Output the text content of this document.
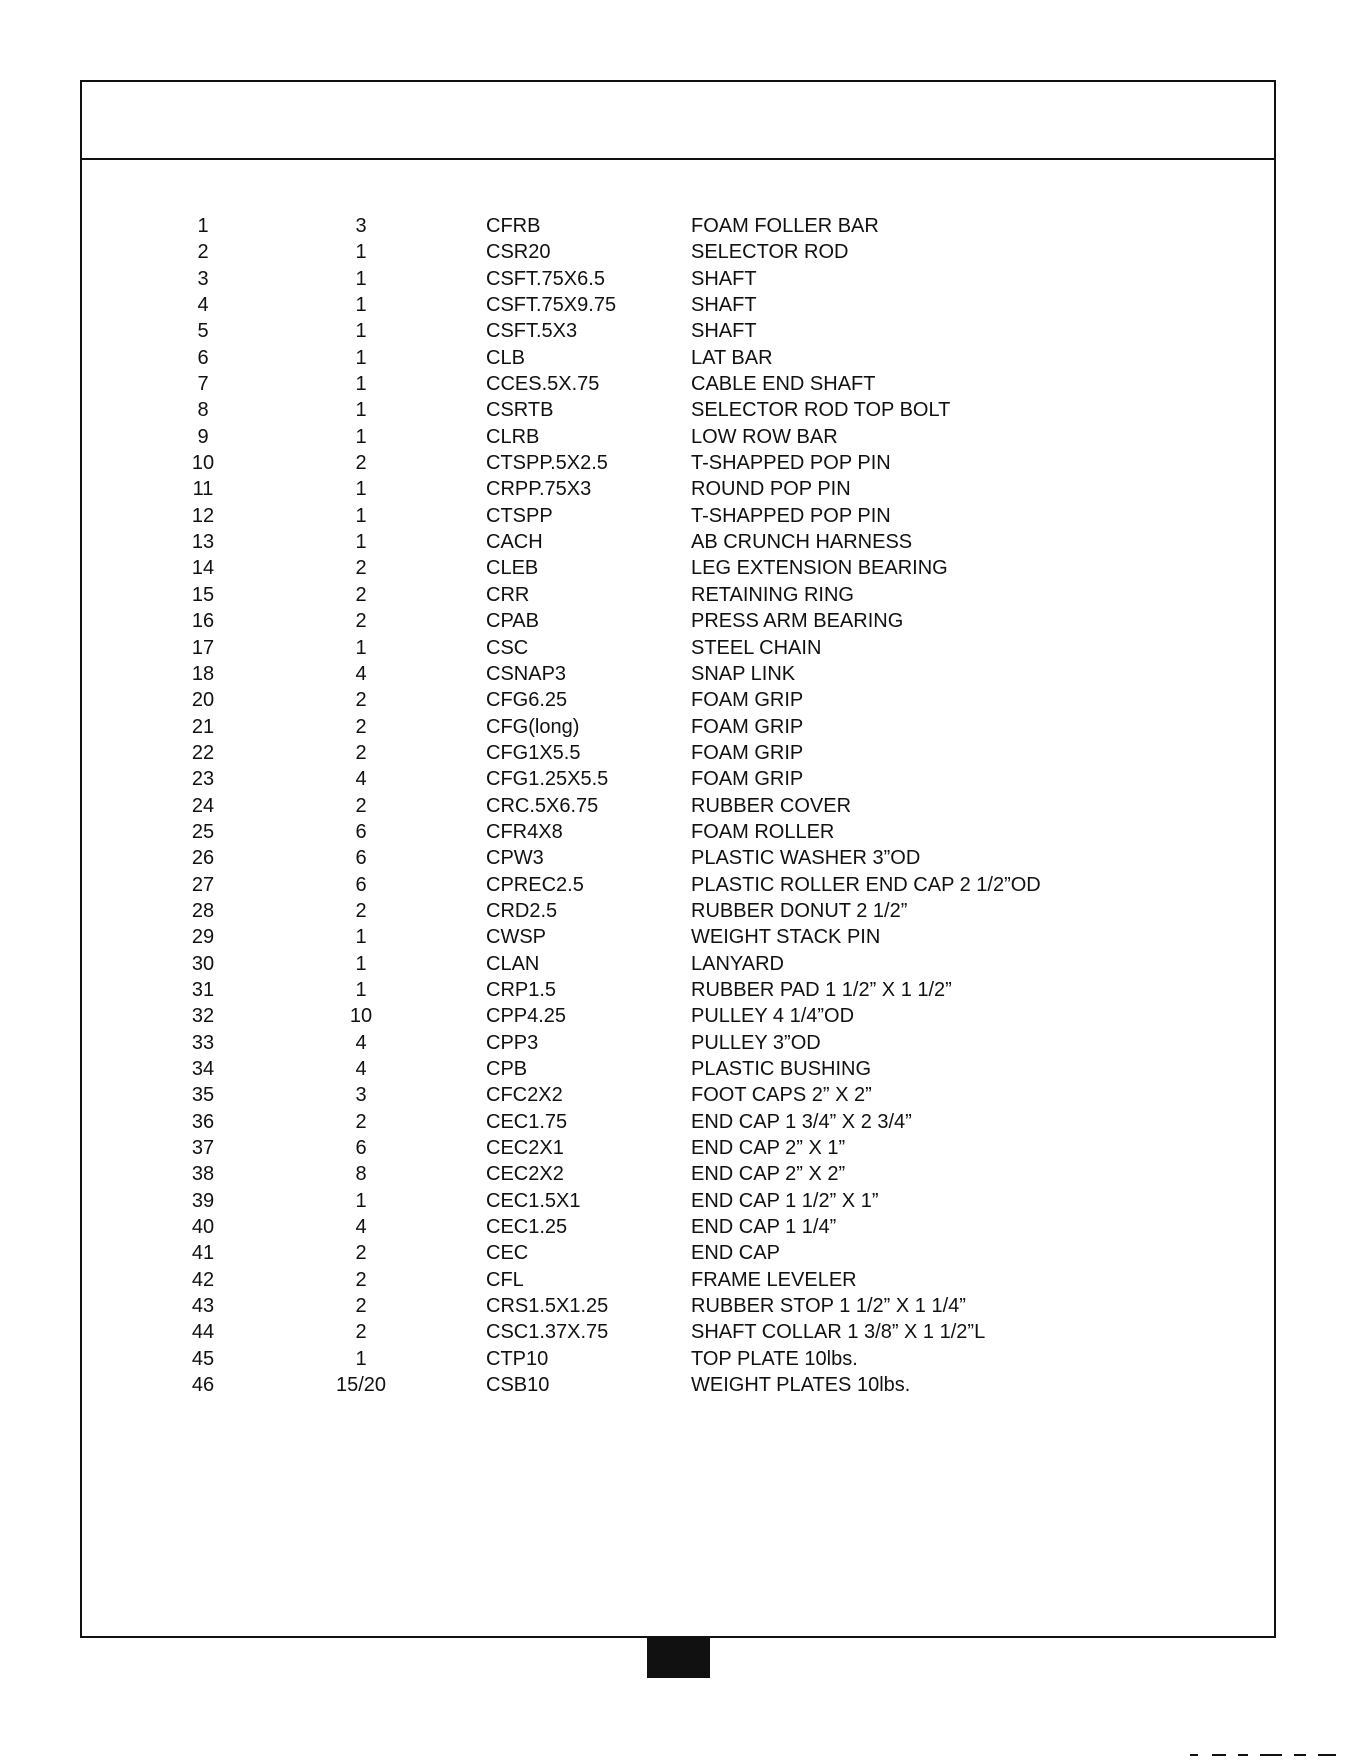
1	3	CFRB	FOAM FOLLER BAR
2	1	CSR20	SELECTOR ROD
3	1	CSFT.75X6.5	SHAFT
4	1	CSFT.75X9.75	SHAFT
5	1	CSFT.5X3	SHAFT
6	1	CLB	LAT BAR
7	1	CCES.5X.75	CABLE END SHAFT
8	1	CSRTB	SELECTOR ROD TOP BOLT
9	1	CLRB	LOW ROW BAR
10	2	CTSPP.5X2.5	T-SHAPPED POP PIN
11	1	CRPP.75X3	ROUND POP PIN
12	1	CTSPP	T-SHAPPED POP PIN
13	1	CACH	AB CRUNCH HARNESS
14	2	CLEB	LEG EXTENSION BEARING
15	2	CRR	RETAINING RING
16	2	CPAB	PRESS ARM BEARING
17	1	CSC	STEEL CHAIN
18	4	CSNAP3	SNAP LINK
20	2	CFG6.25	FOAM GRIP
21	2	CFG(long)	FOAM GRIP
22	2	CFG1X5.5	FOAM GRIP
23	4	CFG1.25X5.5	FOAM GRIP
24	2	CRC.5X6.75	RUBBER COVER
25	6	CFR4X8	FOAM ROLLER
26	6	CPW3	PLASTIC WASHER 3”OD
27	6	CPREC2.5	PLASTIC ROLLER END CAP 2 1/2”OD
28	2	CRD2.5	RUBBER DONUT 2 1/2”
29	1	CWSP	WEIGHT STACK PIN
30	1	CLAN	LANYARD
31	1	CRP1.5	RUBBER PAD 1 1/2” X 1 1/2”
32	10	CPP4.25	PULLEY 4 1/4”OD
33	4	CPP3	PULLEY 3”OD
34	4	CPB	PLASTIC BUSHING
35	3	CFC2X2	FOOT CAPS 2” X 2”
36	2	CEC1.75	END CAP 1 3/4” X 2 3/4”
37	6	CEC2X1	END CAP 2” X 1”
38	8	CEC2X2	END CAP 2” X 2”
39	1	CEC1.5X1	END CAP 1 1/2” X 1”
40	4	CEC1.25	END CAP 1 1/4”
41	2	CEC	END CAP
42	2	CFL	FRAME LEVELER
43	2	CRS1.5X1.25	RUBBER STOP 1 1/2” X 1 1/4”
44	2	CSC1.37X.75	SHAFT COLLAR 1 3/8” X 1 1/2”L
45	1	CTP10	TOP PLATE 10lbs.
46	15/20	CSB10	WEIGHT PLATES 10lbs.
